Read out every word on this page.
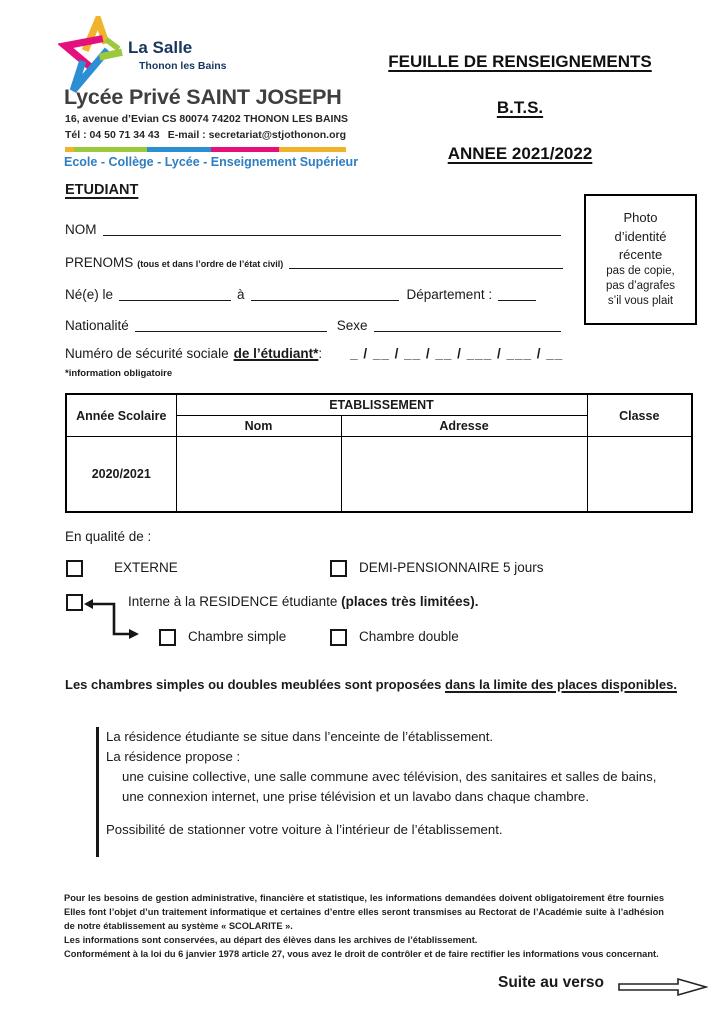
La Salle
Thonon les Bains
Lycée Privé SAINT JOSEPH
16, avenue d’Evian CS 80074 74202 THONON LES BAINS
Tél : 04 50 71 34 43 E-mail : secretariat@stjothonon.org
Ecole - Collège - Lycée - Enseignement Supérieur
FEUILLE DE RENSEIGNEMENTS
B.T.S.
ANNEE 2021/2022
ETUDIANT
Photo
d’identité
récente
pas de copie,
pas d’agrafes
s’il vous plait
NOM
PRENOMS (tous et dans l’ordre de l’état civil)
Né(e) le	à	Département :
Nationalité	Sexe
Numéro de sécurité sociale de l’étudiant* : _ / __ / __ / __ / ___ / ___ / __
*information obligatoire
Année Scolaire	ETABLISSEMENT		Classe
	Nom	Adresse	
2020/2021			
En qualité de :
EXTERNE	DEMI-PENSIONNAIRE 5 jours
Interne à la RESIDENCE étudiante (places très limitées).
Chambre simple	Chambre double
Les chambres simples ou doubles meublées sont proposées dans la limite des places disponibles.

La résidence étudiante se situe dans l’enceinte de l’établissement.

La résidence propose :

une cuisine collective, une salle commune avec télévision, des sanitaires et salles de bains,

une connexion internet, une prise télévision et un lavabo dans chaque chambre.

Possibilité de stationner votre voiture à l’intérieur de l’établissement.

Pour les besoins de gestion administrative, financière et statistique, les informations demandées doivent obligatoirement être fournies Elles font l’objet d’un traitement informatique et certaines d’entre elles seront transmises au Rectorat de l’Académie suite à l’adhésion de notre établissement au système « SCOLARITE ».

Les informations sont conservées, au départ des élèves dans les archives de l’établissement.

Conformément à la loi du 6 janvier 1978 article 27, vous avez le droit de contrôler et de faire rectifier les informations vous concernant.

Suite au verso
